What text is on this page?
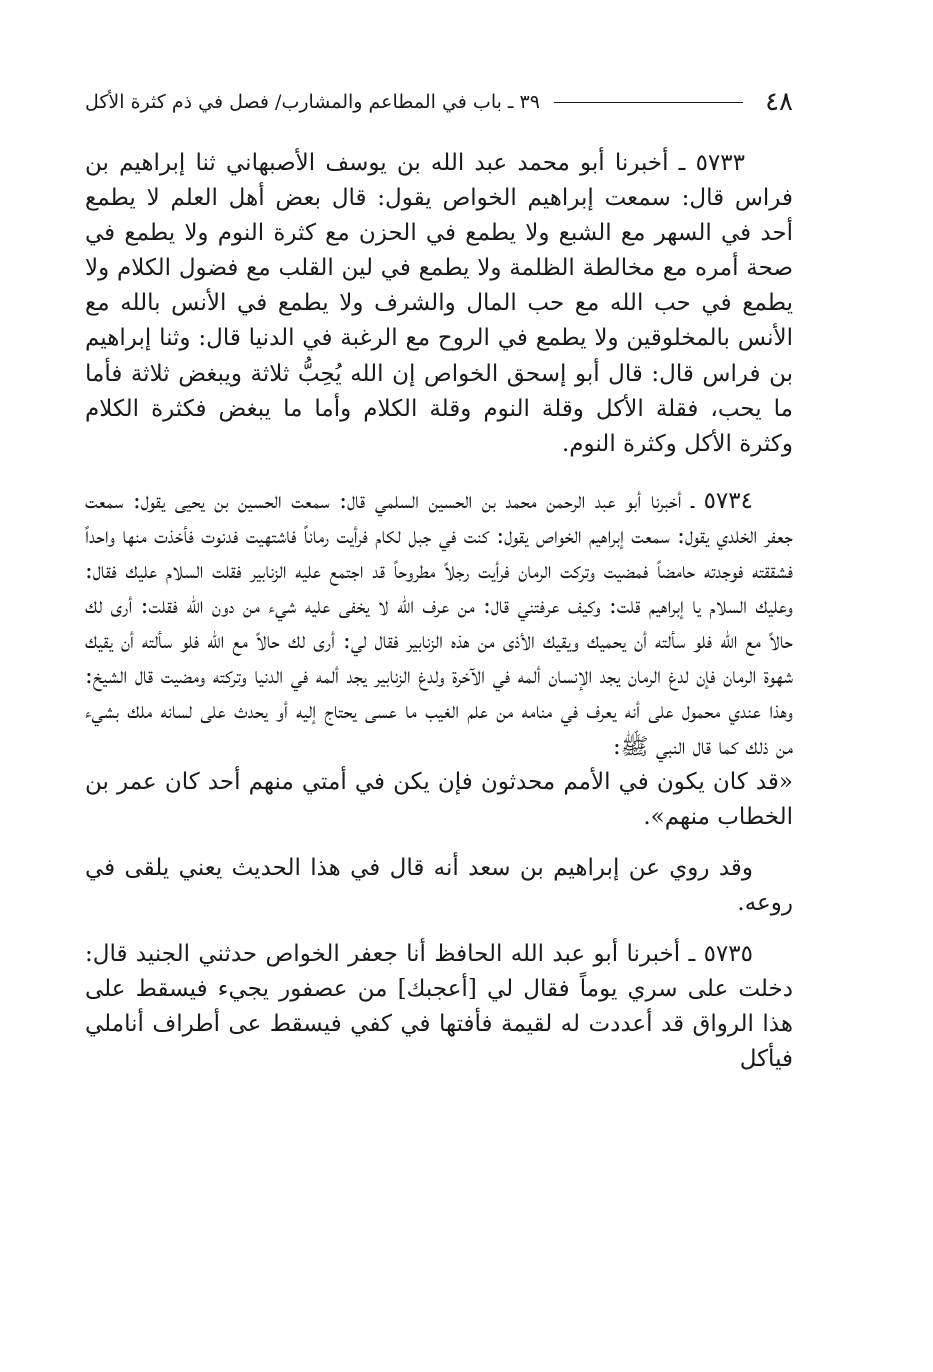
٤٨
٣٩ ـ باب في المطاعم والمشارب/ فصل في ذم كثرة الأكل

٥٧٣٣ ـ أخبرنا أبو محمد عبد الله بن يوسف الأصبهاني ثنا إبراهيم بن فراس قال: سمعت إبراهيم الخواص يقول: قال بعض أهل العلم لا يطمع أحد في السهر مع الشبع ولا يطمع في الحزن مع كثرة النوم ولا يطمع في صحة أمره مع مخالطة الظلمة ولا يطمع في لين القلب مع فضول الكلام ولا يطمع في حب الله مع حب المال والشرف ولا يطمع في الأنس بالله مع الأنس بالمخلوقين ولا يطمع في الروح مع الرغبة في الدنيا قال: وثنا إبراهيم بن فراس قال: قال أبو إسحق الخواص إن الله يُحِبُّ ثلاثة ويبغض ثلاثة فأما ما يحب، فقلة الأكل وقلة النوم وقلة الكلام وأما ما يبغض فكثرة الكلام وكثرة الأكل وكثرة النوم.

٥٧٣٤ ـ أخبرنا أبو عبد الرحمن محمد بن الحسين السلمي قال: سمعت الحسين بن يحيى يقول: سمعت جعفر الخلدي يقول: سمعت إبراهيم الخواص يقول: كنت في جبل لكام فرأيت رماناً فاشتهيت فدنوت فأخذت منها واحداً فشققته فوجدته حامضاً فمضيت وتركت الرمان فرأيت رجلاً مطروحاً قد اجتمع عليه الزنابير فقلت السلام عليك فقال: وعليك السلام يا إبراهيم قلت: وكيف عرفتني قال: من عرف الله لا يخفى عليه شيء من دون الله فقلت: أرى لك حالاً مع الله فلو سألته أن يحميك ويقيك الأذى من هذه الزنابير فقال لي: أرى لك حالاً مع الله فلو سألته أن يقيك شهوة الرمان فإن لدغ الرمان يجد الإنسان ألمه في الآخرة ولدغ الزنابير يجد ألمه في الدنيا وتركته ومضيت قال الشيخ: وهذا عندي محمول على أنه يعرف في منامه من علم الغيب ما عسى يحتاج إليه أو يحدث على لسانه ملك بشيء من ذلك كما قال النبي ﷺ:

«قد كان يكون في الأمم محدثون فإن يكن في أمتي منهم أحد كان عمر بن الخطاب منهم».

وقد روي عن إبراهيم بن سعد أنه قال في هذا الحديث يعني يلقى في روعه.

٥٧٣٥ ـ أخبرنا أبو عبد الله الحافظ أنا جعفر الخواص حدثني الجنيد قال: دخلت على سري يوماً فقال لي [أعجبك] من عصفور يجيء فيسقط على هذا الرواق قد أعددت له لقيمة فأفتها في كفي فيسقط عى أطراف أناملي فيأكل
